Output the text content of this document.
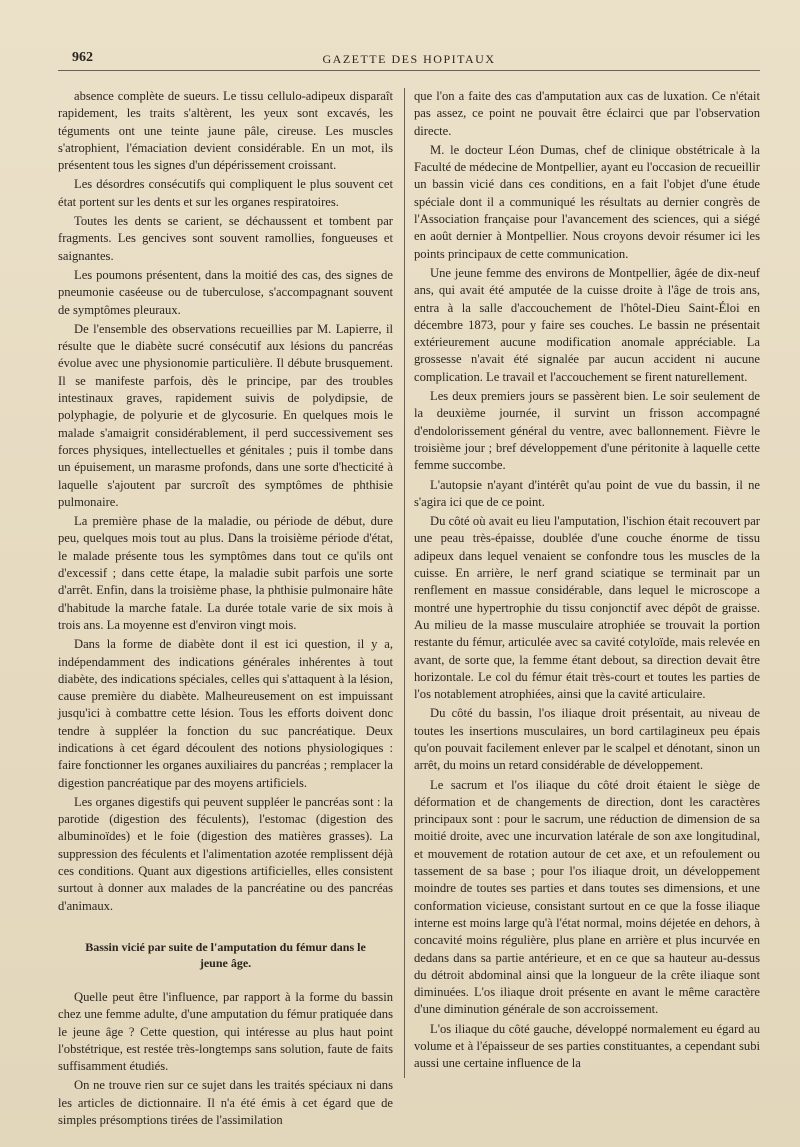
962	GAZETTE DES HOPITAUX

absence complète de sueurs. Le tissu cellulo-adipeux disparaît rapidement, les traits s'altèrent, les yeux sont excavés, les téguments ont une teinte jaune pâle, cireuse. Les muscles s'atrophient, l'émaciation devient considérable. En un mot, ils présentent tous les signes d'un dépérissement croissant.

Les désordres consécutifs qui compliquent le plus souvent cet état portent sur les dents et sur les organes respiratoires.

Toutes les dents se carient, se déchaussent et tombent par fragments. Les gencives sont souvent ramollies, fongueuses et saignantes.

Les poumons présentent, dans la moitié des cas, des signes de pneumonie caséeuse ou de tuberculose, s'accompagnant souvent de symptômes pleuraux.

De l'ensemble des observations recueillies par M. Lapierre, il résulte que le diabète sucré consécutif aux lésions du pancréas évolue avec une physionomie particulière. Il débute brusquement. Il se manifeste parfois, dès le principe, par des troubles intestinaux graves, rapidement suivis de polydipsie, de polyphagie, de polyurie et de glycosurie. En quelques mois le malade s'amaigrit considérablement, il perd successivement ses forces physiques, intellectuelles et génitales ; puis il tombe dans un épuisement, un marasme profonds, dans une sorte d'hecticité à laquelle s'ajoutent par surcroît des symptômes de phthisie pulmonaire.

La première phase de la maladie, ou période de début, dure peu, quelques mois tout au plus. Dans la troisième période d'état, le malade présente tous les symptômes dans tout ce qu'ils ont d'excessif ; dans cette étape, la maladie subit parfois une sorte d'arrêt. Enfin, dans la troisième phase, la phthisie pulmonaire hâte d'habitude la marche fatale. La durée totale varie de six mois à trois ans. La moyenne est d'environ vingt mois.

Dans la forme de diabète dont il est ici question, il y a, indépendamment des indications générales inhérentes à tout diabète, des indications spéciales, celles qui s'attaquent à la lésion, cause première du diabète. Malheureusement on est impuissant jusqu'ici à combattre cette lésion. Tous les efforts doivent donc tendre à suppléer la fonction du suc pancréatique. Deux indications à cet égard découlent des notions physiologiques : faire fonctionner les organes auxiliaires du pancréas ; remplacer la digestion pancréatique par des moyens artificiels.

Les organes digestifs qui peuvent suppléer le pancréas sont : la parotide (digestion des féculents), l'estomac (digestion des albuminoïdes) et le foie (digestion des matières grasses). La suppression des féculents et l'alimentation azotée remplissent déjà ces conditions. Quant aux digestions artificielles, elles consistent surtout à donner aux malades de la pancréatine ou des pancréas d'animaux.

Bassin vicié par suite de l'amputation du fémur dans le
jeune âge.

Quelle peut être l'influence, par rapport à la forme du bassin chez une femme adulte, d'une amputation du fémur pratiquée dans le jeune âge ? Cette question, qui intéresse au plus haut point l'obstétrique, est restée très-longtemps sans solution, faute de faits suffisamment étudiés.

On ne trouve rien sur ce sujet dans les traités spéciaux ni dans les articles de dictionnaire. Il n'a été émis à cet égard que de simples présomptions tirées de l'assimilation

que l'on a faite des cas d'amputation aux cas de luxation. Ce n'était pas assez, ce point ne pouvait être éclairci que par l'observation directe.

M. le docteur Léon Dumas, chef de clinique obstétricale à la Faculté de médecine de Montpellier, ayant eu l'occasion de recueillir un bassin vicié dans ces conditions, en a fait l'objet d'une étude spéciale dont il a communiqué les résultats au dernier congrès de l'Association française pour l'avancement des sciences, qui a siégé en août dernier à Montpellier. Nous croyons devoir résumer ici les points principaux de cette communication.

Une jeune femme des environs de Montpellier, âgée de dix-neuf ans, qui avait été amputée de la cuisse droite à l'âge de trois ans, entra à la salle d'accouchement de l'hôtel-Dieu Saint-Éloi en décembre 1873, pour y faire ses couches. Le bassin ne présentait extérieurement aucune modification anomale appréciable. La grossesse n'avait été signalée par aucun accident ni aucune complication. Le travail et l'accouchement se firent naturellement.

Les deux premiers jours se passèrent bien. Le soir seulement de la deuxième journée, il survint un frisson accompagné d'endolorissement général du ventre, avec ballonnement. Fièvre le troisième jour ; bref développement d'une péritonite à laquelle cette femme succombe.

L'autopsie n'ayant d'intérêt qu'au point de vue du bassin, il ne s'agira ici que de ce point.

Du côté où avait eu lieu l'amputation, l'ischion était recouvert par une peau très-épaisse, doublée d'une couche énorme de tissu adipeux dans lequel venaient se confondre tous les muscles de la cuisse. En arrière, le nerf grand sciatique se terminait par un renflement en massue considérable, dans lequel le microscope a montré une hypertrophie du tissu conjonctif avec dépôt de graisse. Au milieu de la masse musculaire atrophiée se trouvait la portion restante du fémur, articulée avec sa cavité cotyloïde, mais relevée en avant, de sorte que, la femme étant debout, sa direction devait être horizontale. Le col du fémur était très-court et toutes les parties de l'os notablement atrophiées, ainsi que la cavité articulaire.

Du côté du bassin, l'os iliaque droit présentait, au niveau de toutes les insertions musculaires, un bord cartilagineux peu épais qu'on pouvait facilement enlever par le scalpel et dénotant, sinon un arrêt, du moins un retard considérable de développement.

Le sacrum et l'os iliaque du côté droit étaient le siège de déformation et de changements de direction, dont les caractères principaux sont : pour le sacrum, une réduction de dimension de sa moitié droite, avec une incurvation latérale de son axe longitudinal, et mouvement de rotation autour de cet axe, et un refoulement ou tassement de sa base ; pour l'os iliaque droit, un développement moindre de toutes ses parties et dans toutes ses dimensions, et une conformation vicieuse, consistant surtout en ce que la fosse iliaque interne est moins large qu'à l'état normal, moins déjetée en dehors, à concavité moins régulière, plus plane en arrière et plus incurvée en dedans dans sa partie antérieure, et en ce que sa hauteur au-dessus du détroit abdominal ainsi que la longueur de la crête iliaque sont diminuées. L'os iliaque droit présente en avant le même caractère d'une diminution générale de son accroissement.

L'os iliaque du côté gauche, développé normalement eu égard au volume et à l'épaisseur de ses parties constituantes, a cependant subi aussi une certaine influence de la
